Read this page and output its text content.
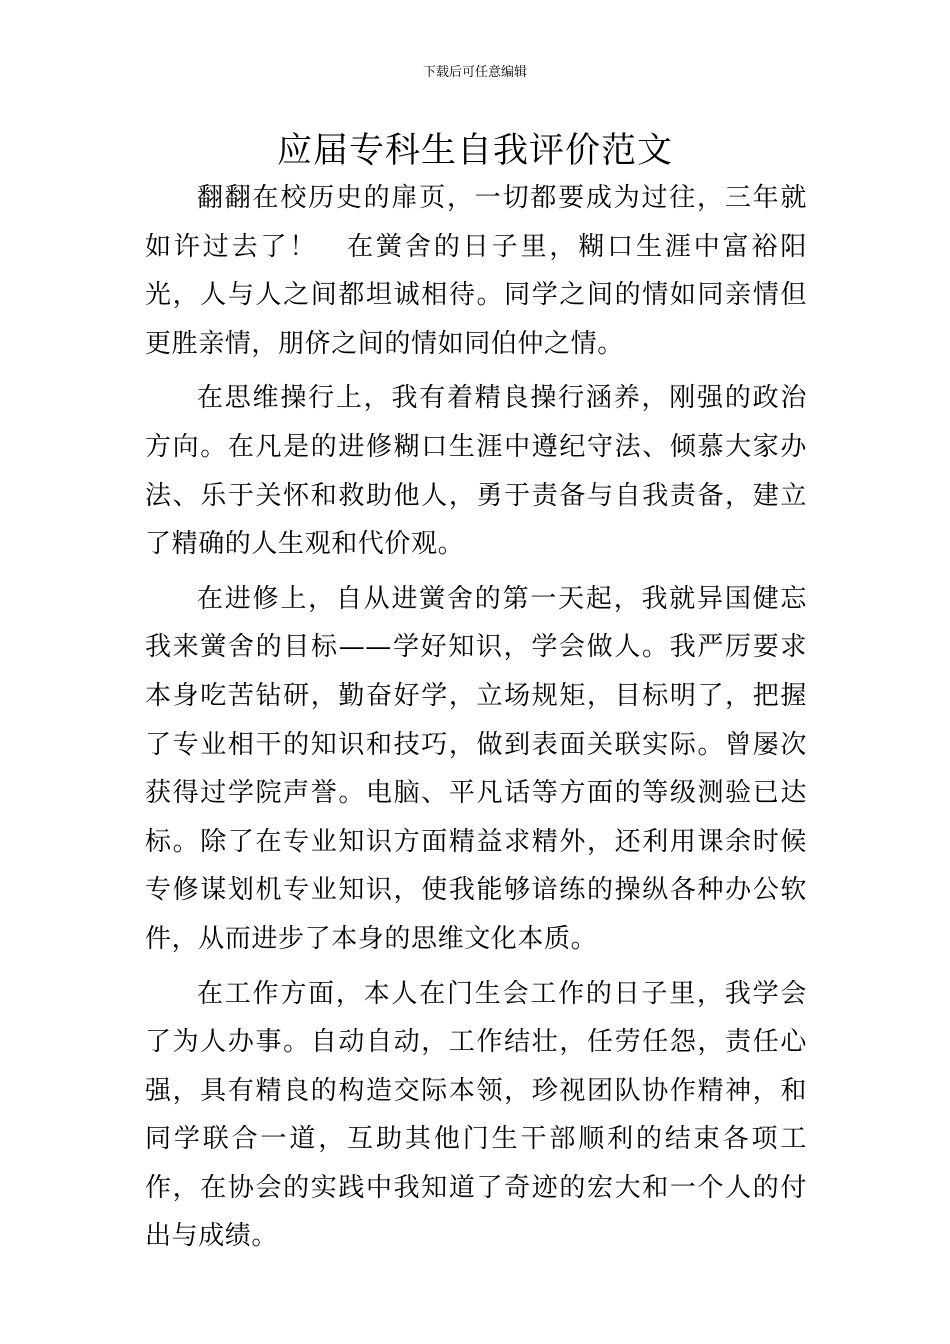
下载后可任意编辑
应届专科生自我评价范文

翻翻在校历史的扉页，一切都要成为过往，三年就如许过去了！　在黉舍的日子里，糊口生涯中富裕阳光，人与人之间都坦诚相待。同学之间的情如同亲情但更胜亲情，朋侪之间的情如同伯仲之情。

在思维操行上，我有着精良操行涵养，刚强的政治方向。在凡是的进修糊口生涯中遵纪守法、倾慕大家办法、乐于关怀和救助他人，勇于责备与自我责备，建立了精确的人生观和代价观。

在进修上，自从进黉舍的第一天起，我就异国健忘我来黉舍的目标——学好知识，学会做人。我严厉要求本身吃苦钻研，勤奋好学，立场规矩，目标明了，把握了专业相干的知识和技巧，做到表面关联实际。曾屡次获得过学院声誉。电脑、平凡话等方面的等级测验已达标。除了在专业知识方面精益求精外，还利用课余时候专修谋划机专业知识，使我能够谙练的操纵各种办公软件，从而进步了本身的思维文化本质。

在工作方面，本人在门生会工作的日子里，我学会了为人办事。自动自动，工作结壮，任劳任怨，责任心强，具有精良的构造交际本领，珍视团队协作精神，和同学联合一道，互助其他门生干部顺利的结束各项工作，在协会的实践中我知道了奇迹的宏大和一个人的付出与成绩。
